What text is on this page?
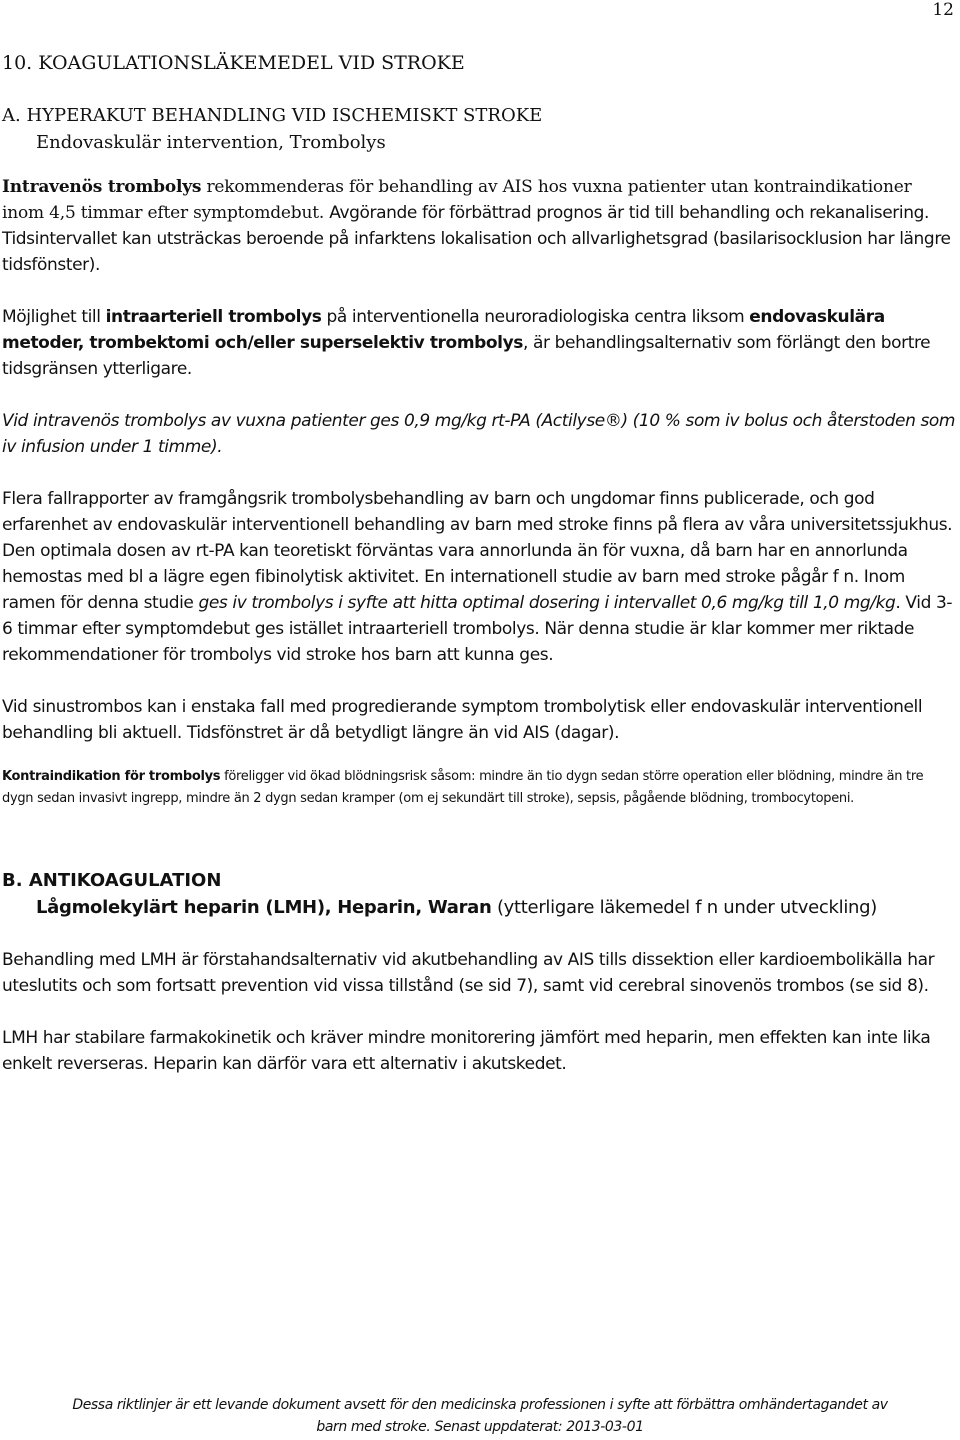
12
10. KOAGULATIONSLÄKEMEDEL VID STROKE
A. HYPERAKUT BEHANDLING VID ISCHEMISKT STROKE
Endovaskulär intervention, Trombolys

Intravenös trombolys rekommenderas för behandling av AIS hos vuxna patienter utan kontraindikationer inom 4,5 timmar efter symptomdebut. Avgörande för förbättrad prognos är tid till behandling och rekanalisering. Tidsintervallet kan utsträckas beroende på infarktens lokalisation och allvarlighetsgrad (basilarisocklusion har längre tidsfönster).

Möjlighet till intraarteriell trombolys på interventionella neuroradiologiska centra liksom endovaskulära metoder, trombektomi och/eller superselektiv trombolys, är behandlingsalternativ som förlängt den bortre tidsgränsen ytterligare.

Vid intravenös trombolys av vuxna patienter ges 0,9 mg/kg rt-PA (Actilyse®) (10 % som iv bolus och återstoden som iv infusion under 1 timme).

Flera fallrapporter av framgångsrik trombolysbehandling av barn och ungdomar finns publicerade, och god erfarenhet av endovaskulär interventionell behandling av barn med stroke finns på flera av våra universitetssjukhus. Den optimala dosen av rt-PA kan teoretiskt förväntas vara annorlunda än för vuxna, då barn har en annorlunda hemostas med bl a lägre egen fibinolytisk aktivitet. En internationell studie av barn med stroke pågår f n. Inom ramen för denna studie ges iv trombolys i syfte att hitta optimal dosering i intervallet 0,6 mg/kg till 1,0 mg/kg. Vid 3-6 timmar efter symptomdebut ges istället intraarteriell trombolys. När denna studie är klar kommer mer riktade rekommendationer för trombolys vid stroke hos barn att kunna ges.

Vid sinustrombos kan i enstaka fall med progredierande symptom trombolytisk eller endovaskulär interventionell behandling bli aktuell. Tidsfönstret är då betydligt längre än vid AIS (dagar).

Kontraindikation för trombolys föreligger vid ökad blödningsrisk såsom: mindre än tio dygn sedan större operation eller blödning, mindre än tre dygn sedan invasivt ingrepp, mindre än 2 dygn sedan kramper (om ej sekundärt till stroke), sepsis, pågående blödning, trombocytopeni.

B. ANTIKOAGULATION
Lågmolekylärt heparin (LMH), Heparin, Waran (ytterligare läkemedel f n under utveckling)

Behandling med LMH är förstahandsalternativ vid akutbehandling av AIS tills dissektion eller kardioembolikälla har uteslutits och som fortsatt prevention vid vissa tillstånd (se sid 7), samt vid cerebral sinovenös trombos (se sid 8).

LMH har stabilare farmakokinetik och kräver mindre monitorering jämfört med heparin, men effekten kan inte lika enkelt reverseras. Heparin kan därför vara ett alternativ i akutskedet.

Dessa riktlinjer är ett levande dokument avsett för den medicinska professionen i syfte att förbättra omhändertagandet av
barn med stroke. Senast uppdaterat: 2013-03-01
